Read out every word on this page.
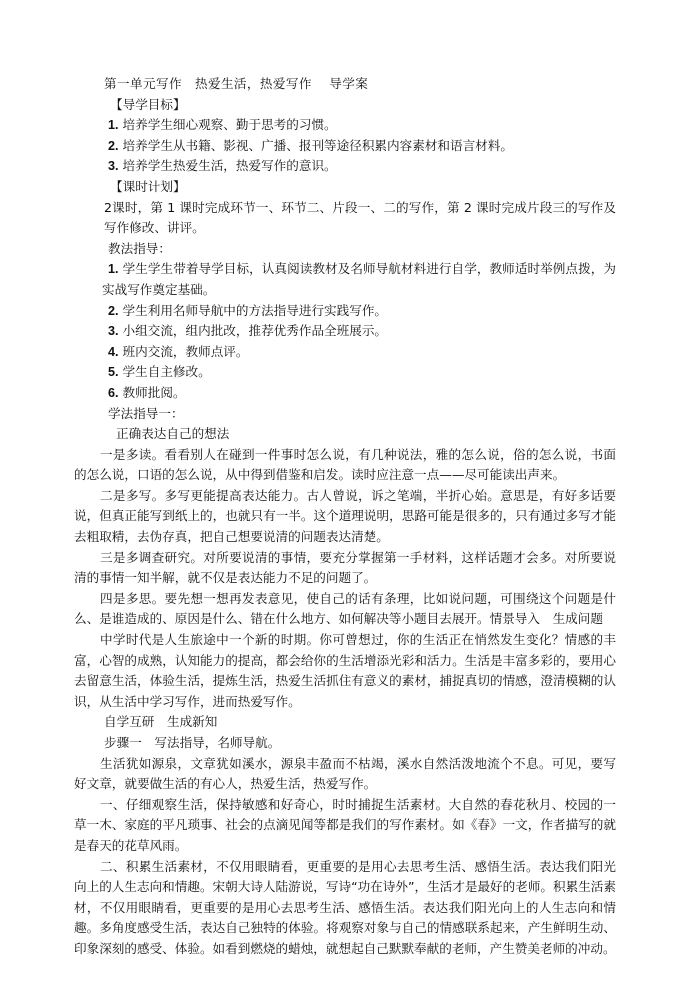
第一单元写作　热爱生活，热爱写作　 导学案
【导学目标】
1. 培养学生细心观察、勤于思考的习惯。
2. 培养学生从书籍、影视、广播、报刊等途径积累内容素材和语言材料。
3. 培养学生热爱生活，热爱写作的意识。
【课时计划】

2课时，第 1 课时完成环节一、环节二、片段一、二的写作，第 2 课时完成片段三的写作及写作修改、讲评。

教法指导：

1. 学生学生带着导学目标，认真阅读教材及名师导航材料进行自学，教师适时举例点拨，为实战写作奠定基础。

2. 学生利用名师导航中的方法指导进行实践写作。
3. 小组交流，组内批改，推荐优秀作品全班展示。
4. 班内交流，教师点评。
5. 学生自主修改。
6. 教师批阅。
学法指导一：
正确表达自己的想法

一是多读。看看别人在碰到一件事时怎么说，有几种说法，雅的怎么说，俗的怎么说，书面的怎么说，口语的怎么说，从中得到借鉴和启发。读时应注意一点——尽可能读出声来。

二是多写。多写更能提高表达能力。古人曾说，诉之笔端，半折心始。意思是，有好多话要说，但真正能写到纸上的，也就只有一半。这个道理说明，思路可能是很多的，只有通过多写才能去粗取精，去伪存真，把自己想要说清的问题表达清楚。

三是多调查研究。对所要说清的事情，要充分掌握第一手材料，这样话题才会多。对所要说清的事情一知半解，就不仅是表达能力不足的问题了。

四是多思。要先想一想再发表意见，使自己的话有条理，比如说问题，可围绕这个问题是什么、是谁造成的、原因是什么、错在什么地方、如何解决等小题目去展开。情景导入　生成问题

中学时代是人生旅途中一个新的时期。你可曾想过，你的生活正在悄然发生变化？情感的丰富，心智的成熟，认知能力的提高，都会给你的生活增添光彩和活力。生活是丰富多彩的，要用心去留意生活，体验生活，提炼生活，热爱生活抓住有意义的素材，捕捉真切的情感，澄清模糊的认识，从生活中学习写作，进而热爱写作。

自学互研　生成新知
步骤一　写法指导，名师导航。

生活犹如源泉，文章犹如溪水，源泉丰盈而不枯竭，溪水自然活泼地流个不息。可见，要写好文章，就要做生活的有心人，热爱生活，热爱写作。

一、仔细观察生活，保持敏感和好奇心，时时捕捉生活素材。大自然的春花秋月、校园的一草一木、家庭的平凡琐事、社会的点滴见闻等都是我们的写作素材。如《春》一文，作者描写的就是春天的花草风雨。

二、积累生活素材，不仅用眼睛看，更重要的是用心去思考生活、感悟生活。表达我们阳光向上的人生志向和情趣。宋朝大诗人陆游说，写诗“功在诗外”，生活才是最好的老师。积累生活素材，不仅用眼睛看，更重要的是用心去思考生活、感悟生活。表达我们阳光向上的人生志向和情趣。多角度感受生活，表达自己独特的体验。将观察对象与自己的情感联系起来，产生鲜明生动、印象深刻的感受、体验。如看到燃烧的蜡烛，就想起自己默默奉献的老师，产生赞美老师的冲动。
